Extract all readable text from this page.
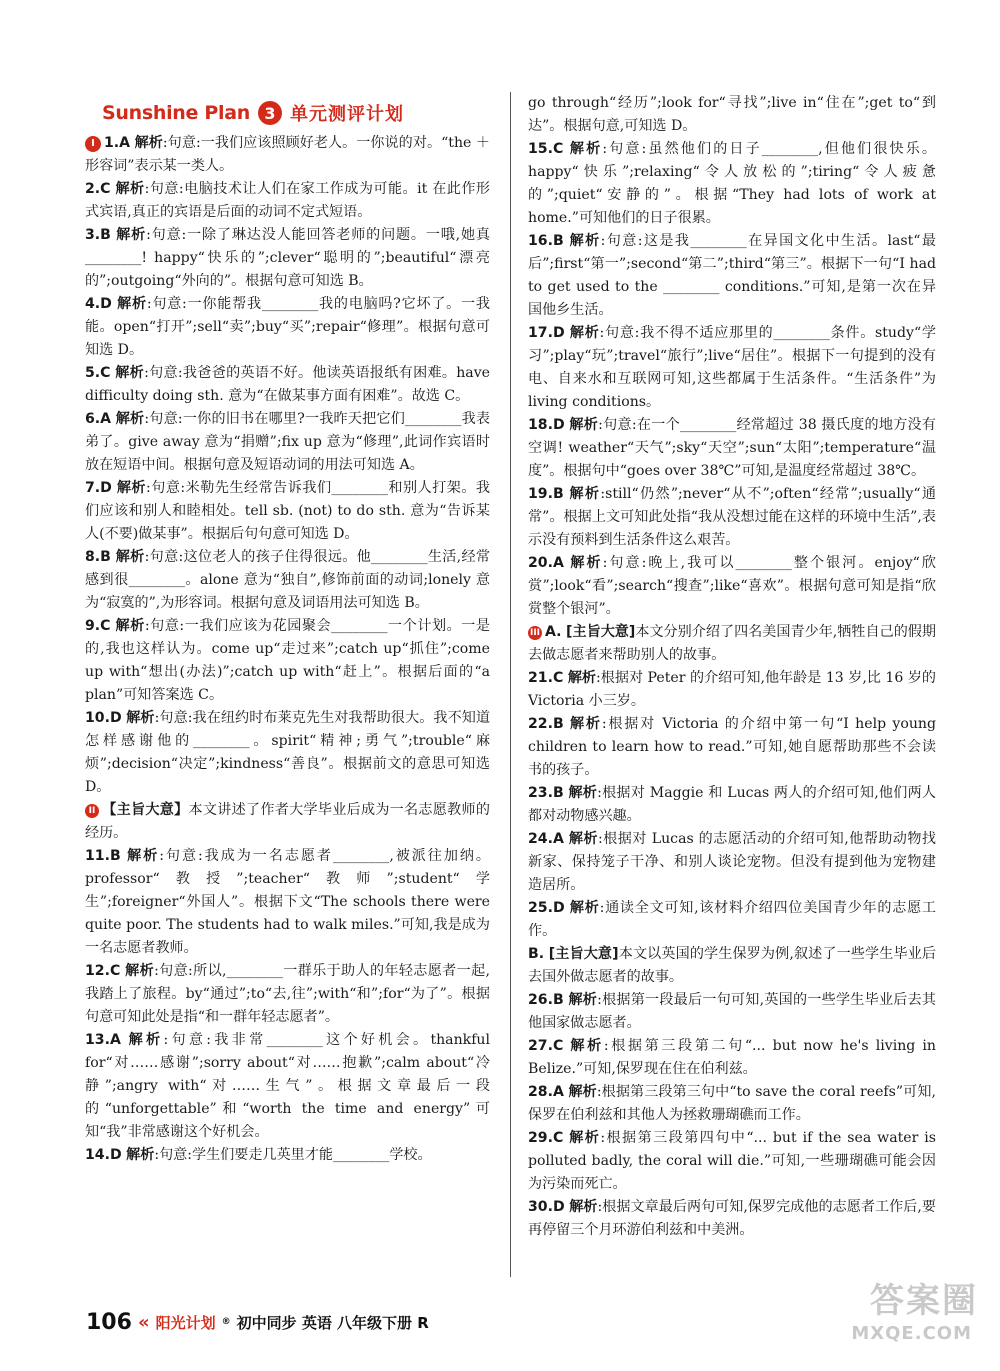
Sunshine Plan 3 单元测评计划
I 1.A 解析:句意:一我们应该照顾好老人。一你说的对。“the ＋形容词”表示某一类人。
2.C 解析:句意:电脑技术让人们在家工作成为可能。it 在此作形式宾语,真正的宾语是后面的动词不定式短语。
3.B 解析:句意:一除了琳达没人能回答老师的问题。一哦,她真________! happy“快乐的”;clever“聪明的”;beautiful“漂亮的”;outgoing“外向的”。根据句意可知选 B。
4.D 解析:句意:一你能帮我________我的电脑吗?它坏了。一我能。open“打开”;sell“卖”;buy“买”;repair“修理”。根据句意可知选 D。
5.C 解析:句意:我爸爸的英语不好。他读英语报纸有困难。have difficulty doing sth. 意为“在做某事方面有困难”。故选 C。
6.A 解析:句意:一你的旧书在哪里?一我昨天把它们________我表弟了。give away 意为“捐赠”;fix up 意为“修理”,此词作宾语时放在短语中间。根据句意及短语动词的用法可知选 A。
7.D 解析:句意:米勒先生经常告诉我们________和别人打架。我们应该和别人和睦相处。tell sb. (not) to do sth. 意为“告诉某人(不要)做某事”。根据后句句意可知选 D。
8.B 解析:句意:这位老人的孩子住得很远。他________生活,经常感到很________。alone 意为“独自”,修饰前面的动词;lonely 意为“寂寞的”,为形容词。根据句意及词语用法可知选 B。
9.C 解析:句意:一我们应该为花园聚会________一个计划。一是的,我也这样认为。come up“走过来”;catch up“抓住”;come up with“想出(办法)”;catch up with“赶上”。根据后面的“a plan”可知答案选 C。
10.D 解析:句意:我在纽约时布莱克先生对我帮助很大。我不知道怎样感谢他的________。spirit“精神;勇气”;trouble“麻烦”;decision“决定”;kindness“善良”。根据前文的意思可知选 D。
II 【主旨大意】本文讲述了作者大学毕业后成为一名志愿教师的经历。
11.B 解析:句意:我成为一名志愿者________,被派往加纳。professor“教授”;teacher“教师”;student“学生”;foreigner“外国人”。根据下文“The schools there were quite poor. The students had to walk miles.”可知,我是成为一名志愿者教师。
12.C 解析:句意:所以,________一群乐于助人的年轻志愿者一起,我踏上了旅程。by“通过”;to“去,往”;with“和”;for“为了”。根据句意可知此处是指“和一群年轻志愿者”。
13.A 解析:句意:我非常________这个好机会。thankful for“对……感谢”;sorry about“对……抱歉”;calm about“冷静”;angry with“对……生气”。根据文章最后一段的“unforgettable”和“worth the time and energy”可知“我”非常感谢这个好机会。
14.D 解析:句意:学生们要走几英里才能________学校。
go through“经历”;look for“寻找”;live in“住在”;get to“到达”。根据句意,可知选 D。
15.C 解析:句意:虽然他们的日子________,但他们很快乐。happy“快乐”;relaxing“令人放松的”;tiring“令人疲惫的”;quiet“安静的”。根据“They had lots of work at home.”可知他们的日子很累。
16.B 解析:句意:这是我________在异国文化中生活。last“最后”;first“第一”;second“第二”;third“第三”。根据下一句“I had to get used to the ________ conditions.”可知,是第一次在异国他乡生活。
17.D 解析:句意:我不得不适应那里的________条件。study“学习”;play“玩”;travel“旅行”;live“居住”。根据下一句提到的没有电、自来水和互联网可知,这些都属于生活条件。“生活条件”为 living conditions。
18.D 解析:句意:在一个________经常超过 38 摄氏度的地方没有空调! weather“天气”;sky“天空”;sun“太阳”;temperature“温度”。根据句中“goes over 38℃”可知,是温度经常超过 38℃。
19.B 解析:still“仍然”;never“从不”;often“经常”;usually“通常”。根据上文可知此处指“我从没想过能在这样的环境中生活”,表示没有预料到生活条件这么艰苦。
20.A 解析:句意:晚上,我可以________整个银河。enjoy“欣赏”;look“看”;search“搜查”;like“喜欢”。根据句意可知是指“欣赏整个银河”。
III A. [主旨大意]本文分别介绍了四名美国青少年,牺牲自己的假期去做志愿者来帮助别人的故事。
21.C 解析:根据对 Peter 的介绍可知,他年龄是 13 岁,比 16 岁的 Victoria 小三岁。
22.B 解析:根据对 Victoria 的介绍中第一句“I help young children to learn how to read.”可知,她自愿帮助那些不会读书的孩子。
23.B 解析:根据对 Maggie 和 Lucas 两人的介绍可知,他们两人都对动物感兴趣。
24.A 解析:根据对 Lucas 的志愿活动的介绍可知,他帮助动物找新家、保持笼子干净、和别人谈论宠物。但没有提到他为宠物建造居所。
25.D 解析:通读全文可知,该材料介绍四位美国青少年的志愿工作。
B. [主旨大意]本文以英国的学生保罗为例,叙述了一些学生毕业后去国外做志愿者的故事。
26.B 解析:根据第一段最后一句可知,英国的一些学生毕业后去其他国家做志愿者。
27.C 解析:根据第三段第二句“... but now he's living in Belize.”可知,保罗现在住在伯利兹。
28.A 解析:根据第三段第三句中“to save the coral reefs”可知,保罗在伯利兹和其他人为拯救珊瑚礁而工作。
29.C 解析:根据第三段第四句中“... but if the sea water is polluted badly, the coral will die.”可知,一些珊瑚礁可能会因为污染而死亡。
30.D 解析:根据文章最后两句可知,保罗完成他的志愿者工作后,要再停留三个月环游伯利兹和中美洲。
106 « 阳光计划 ® 初中同步 英语 八年级下册 R
答案圈
MXQE.COM
